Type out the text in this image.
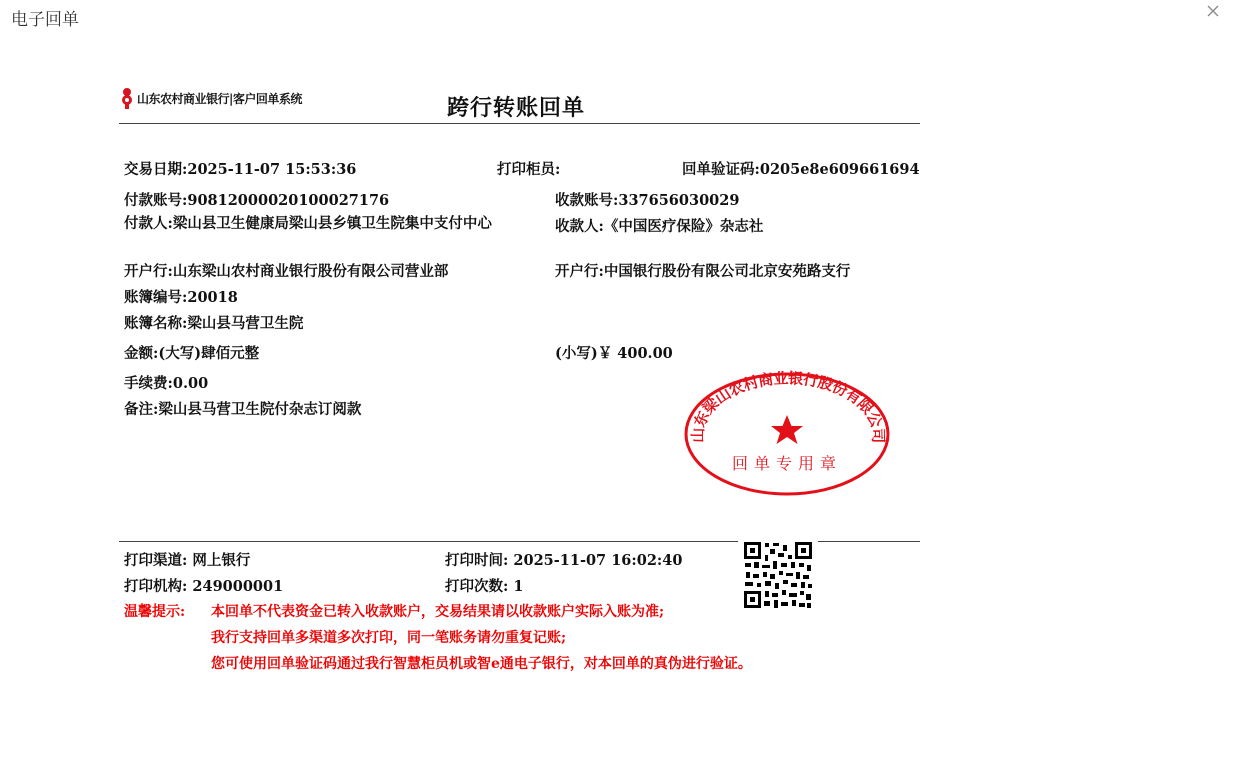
电子回单
山东农村商业银行|客户回单系统	跨行转账回单
交易日期:2025-11-07 15:53:36	打印柜员:	回单验证码:0205e8e609661694
付款账号:9081200002010002717​6	收款账号:337656030029
付款人:梁山县卫生健康局梁山县乡镇卫生院集中支付中心	收款人:《中国医疗保险》杂志社
开户行:山东梁山农村商业银行股份有限公司营业部	开户行:中国银行股份有限公司北京安苑路支行
账簿编号:20018
账簿名称:梁山县马营卫生院
金额:(大写)肆佰元整	(小写)￥ 400.00
手续费:0.00
备注:梁山县马营卫生院付杂志订阅款
山东梁山农村商业银行股份有限公司
回单专用章
打印渠道: 网上银行	打印时间: 2025-11-07 16:02:40
打印机构: 249000001	打印次数: 1
温馨提示: 本回单不代表资金已转入收款账户，交易结果请以收款账户实际入账为准;
我行支持回单多渠道多次打印，同一笔账务请勿重复记账;
您可使用回单验证码通过我行智慧柜员机或智e通电子银行，对本回单的真伪进行验证。
